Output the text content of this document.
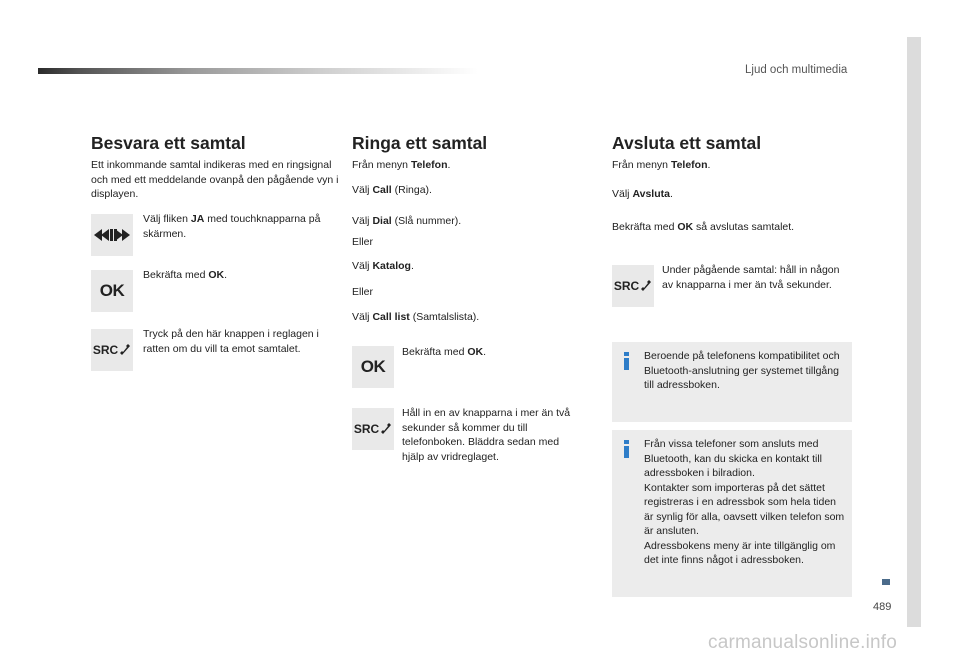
Ljud och multimedia
489
Besvara ett samtal
Ett inkommande samtal indikeras med en ringsignal och med ett meddelande ovanpå den pågående vyn i displayen.
Välj fliken JA med touchknapparna på skärmen.
OK
Bekräfta med OK.
SRC
Tryck på den här knappen i reglagen i ratten om du vill ta emot samtalet.
Ringa ett samtal
Från menyn Telefon.
Välj Call (Ringa).
Välj Dial (Slå nummer).
Eller
Välj Katalog.
Eller
Välj Call list (Samtalslista).
OK
Bekräfta med OK.
SRC
Håll in en av knapparna i mer än två sekunder så kommer du till telefonboken. Bläddra sedan med hjälp av vridreglaget.
Avsluta ett samtal
Från menyn Telefon.
Välj Avsluta.
Bekräfta med OK så avslutas samtalet.
SRC
Under pågående samtal: håll in någon av knapparna i mer än två sekunder.
Beroende på telefonens kompatibilitet och Bluetooth-anslutning ger systemet tillgång till adressboken.
Från vissa telefoner som ansluts med Bluetooth, kan du skicka en kontakt till adressboken i bilradion.
Kontakter som importeras på det sättet registreras i en adressbok som hela tiden är synlig för alla, oavsett vilken telefon som är ansluten.
Adressbokens meny är inte tillgänglig om det inte finns något i adressboken.
carmanualsonline.info
